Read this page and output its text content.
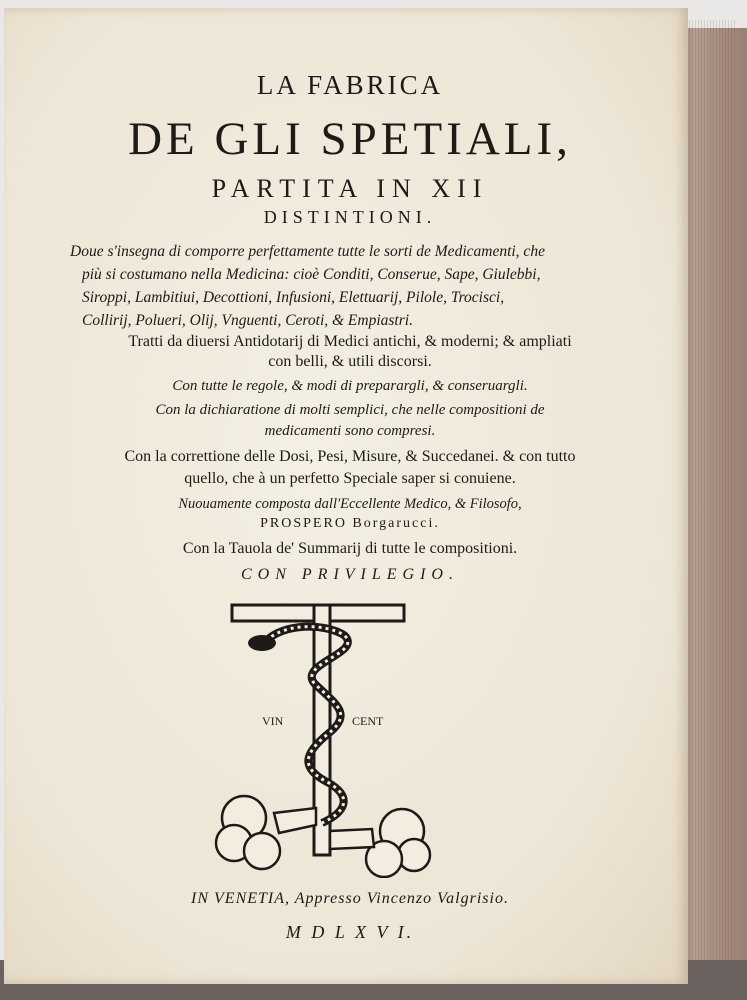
LA FABRICA
DE GLI SPETIALI,
PARTITA IN XII
DISTINTIONI.
Doue s'insegna di comporre perfettamente tutte le sorti de Medicamenti, che
più si costumano nella Medicina: cioè Conditi, Conserue, Sape, Giulebbi,
Siroppi, Lambitiui, Decottioni, Infusioni, Elettuarij, Pilole, Trocisci,
Collirij, Polueri, Olij, Vnguenti, Ceroti, & Empiastri.
Tratti da diuersi Antidotarij di Medici antichi, & moderni; & ampliati
con belli, & utili discorsi.
Con tutte le regole, & modi di preparargli, & conseruargli.
Con la dichiaratione di molti semplici, che nelle compositioni de
medicamenti sono compresi.
Con la correttione delle Dosi, Pesi, Misure, & Succedanei. & con tutto
quello, che à un perfetto Speciale saper si conuiene.
Nuouamente composta dall'Eccellente Medico, & Filosofo,
PROSPERO Borgarucci.
Con la Tauola de' Summarij di tutte le compositioni.
CON PRIVILEGIO.
VIN	CENT
IN VENETIA, Appresso Vincenzo Valgrisio.
M D L X V I.
